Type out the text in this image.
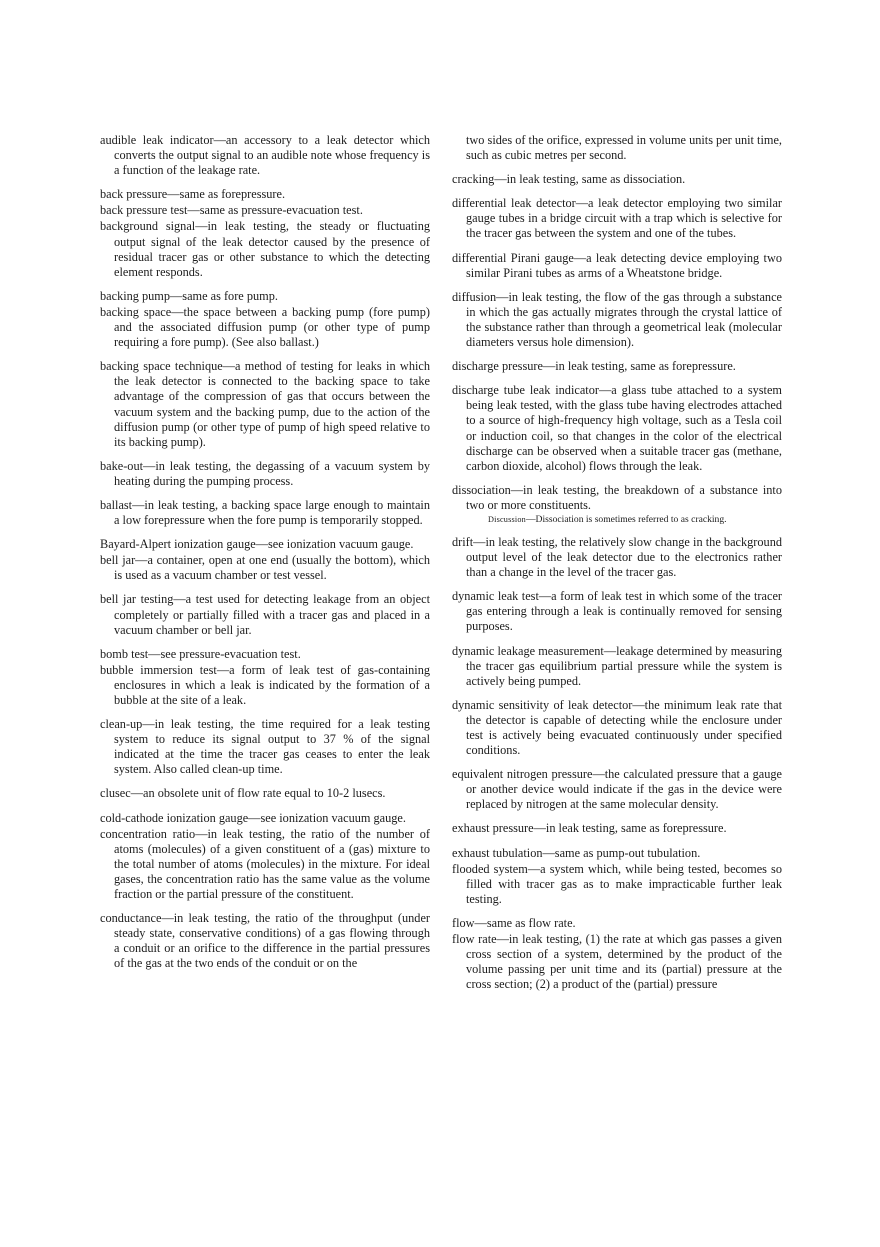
audible leak indicator—an accessory to a leak detector which converts the output signal to an audible note whose frequency is a function of the leakage rate.

back pressure—same as forepressure.

back pressure test—same as pressure-evacuation test.

background signal—in leak testing, the steady or fluctuating output signal of the leak detector caused by the presence of residual tracer gas or other substance to which the detecting element responds.

backing pump—same as fore pump.

backing space—the space between a backing pump (fore pump) and the associated diffusion pump (or other type of pump requiring a fore pump). (See also ballast.)

backing space technique—a method of testing for leaks in which the leak detector is connected to the backing space to take advantage of the compression of gas that occurs between the vacuum system and the backing pump, due to the action of the diffusion pump (or other type of pump of high speed relative to its backing pump).

bake-out—in leak testing, the degassing of a vacuum system by heating during the pumping process.

ballast—in leak testing, a backing space large enough to maintain a low forepressure when the fore pump is temporarily stopped.

Bayard-Alpert ionization gauge—see ionization vacuum gauge.

bell jar—a container, open at one end (usually the bottom), which is used as a vacuum chamber or test vessel.

bell jar testing—a test used for detecting leakage from an object completely or partially filled with a tracer gas and placed in a vacuum chamber or bell jar.

bomb test—see pressure-evacuation test.

bubble immersion test—a form of leak test of gas-containing enclosures in which a leak is indicated by the formation of a bubble at the site of a leak.

clean-up—in leak testing, the time required for a leak testing system to reduce its signal output to 37 % of the signal indicated at the time the tracer gas ceases to enter the leak system. Also called clean-up time.

clusec—an obsolete unit of flow rate equal to 10-2 lusecs.

cold-cathode ionization gauge—see ionization vacuum gauge.

concentration ratio—in leak testing, the ratio of the number of atoms (molecules) of a given constituent of a (gas) mixture to the total number of atoms (molecules) in the mixture. For ideal gases, the concentration ratio has the same value as the volume fraction or the partial pressure of the constituent.

conductance—in leak testing, the ratio of the throughput (under steady state, conservative conditions) of a gas flowing through a conduit or an orifice to the difference in the partial pressures of the gas at the two ends of the conduit or on the

two sides of the orifice, expressed in volume units per unit time, such as cubic metres per second.

cracking—in leak testing, same as dissociation.

differential leak detector—a leak detector employing two similar gauge tubes in a bridge circuit with a trap which is selective for the tracer gas between the system and one of the tubes.

differential Pirani gauge—a leak detecting device employing two similar Pirani tubes as arms of a Wheatstone bridge.

diffusion—in leak testing, the flow of the gas through a substance in which the gas actually migrates through the crystal lattice of the substance rather than through a geometrical leak (molecular diameters versus hole dimension).

discharge pressure—in leak testing, same as forepressure.

discharge tube leak indicator—a glass tube attached to a system being leak tested, with the glass tube having electrodes attached to a source of high-frequency high voltage, such as a Tesla coil or induction coil, so that changes in the color of the electrical discharge can be observed when a suitable tracer gas (methane, carbon dioxide, alcohol) flows through the leak.

dissociation—in leak testing, the breakdown of a substance into two or more constituents.

Discussion—Dissociation is sometimes referred to as cracking.

drift—in leak testing, the relatively slow change in the background output level of the leak detector due to the electronics rather than a change in the level of the tracer gas.

dynamic leak test—a form of leak test in which some of the tracer gas entering through a leak is continually removed for sensing purposes.

dynamic leakage measurement—leakage determined by measuring the tracer gas equilibrium partial pressure while the system is actively being pumped.

dynamic sensitivity of leak detector—the minimum leak rate that the detector is capable of detecting while the enclosure under test is actively being evacuated continuously under specified conditions.

equivalent nitrogen pressure—the calculated pressure that a gauge or another device would indicate if the gas in the device were replaced by nitrogen at the same molecular density.

exhaust pressure—in leak testing, same as forepressure.

exhaust tubulation—same as pump-out tubulation.

flooded system—a system which, while being tested, becomes so filled with tracer gas as to make impracticable further leak testing.

flow—same as flow rate.

flow rate—in leak testing, (1) the rate at which gas passes a given cross section of a system, determined by the product of the volume passing per unit time and its (partial) pressure at the cross section; (2) a product of the (partial) pressure
